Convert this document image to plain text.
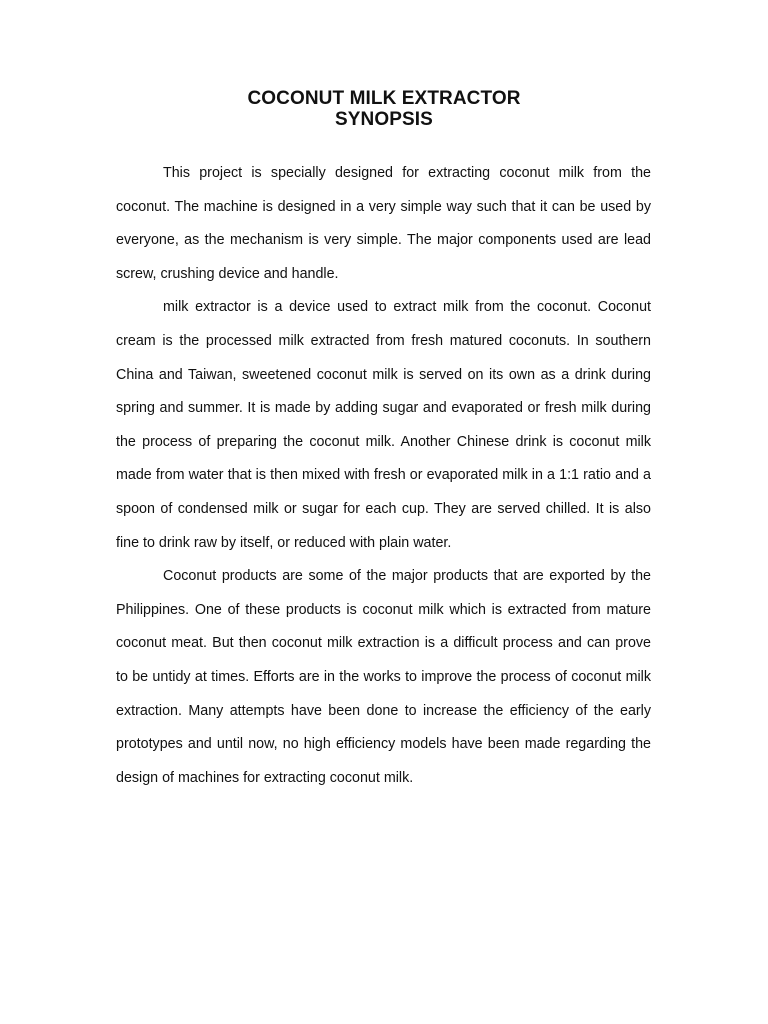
COCONUT MILK EXTRACTOR
SYNOPSIS

This project is specially designed for extracting coconut milk from the coconut. The machine is designed in a very simple way such that it can be used by everyone, as the mechanism is very simple. The major components used are lead screw, crushing device and handle.

milk extractor is a device used to extract milk from the coconut. Coconut cream is the processed milk extracted from fresh matured coconuts. In southern China and Taiwan, sweetened coconut milk is served on its own as a drink during spring and summer. It is made by adding sugar and evaporated or fresh milk during the process of preparing the coconut milk. Another Chinese drink is coconut milk made from water that is then mixed with fresh or evaporated milk in a 1:1 ratio and a spoon of condensed milk or sugar for each cup. They are served chilled. It is also fine to drink raw by itself, or reduced with plain water.

Coconut products are some of the major products that are exported by the Philippines. One of these products is coconut milk which is extracted from mature coconut meat. But then coconut milk extraction is a difficult process and can prove to be untidy at times. Efforts are in the works to improve the process of coconut milk extraction. Many attempts have been done to increase the efficiency of the early prototypes and until now, no high efficiency models have been made regarding the design of machines for extracting coconut milk.
